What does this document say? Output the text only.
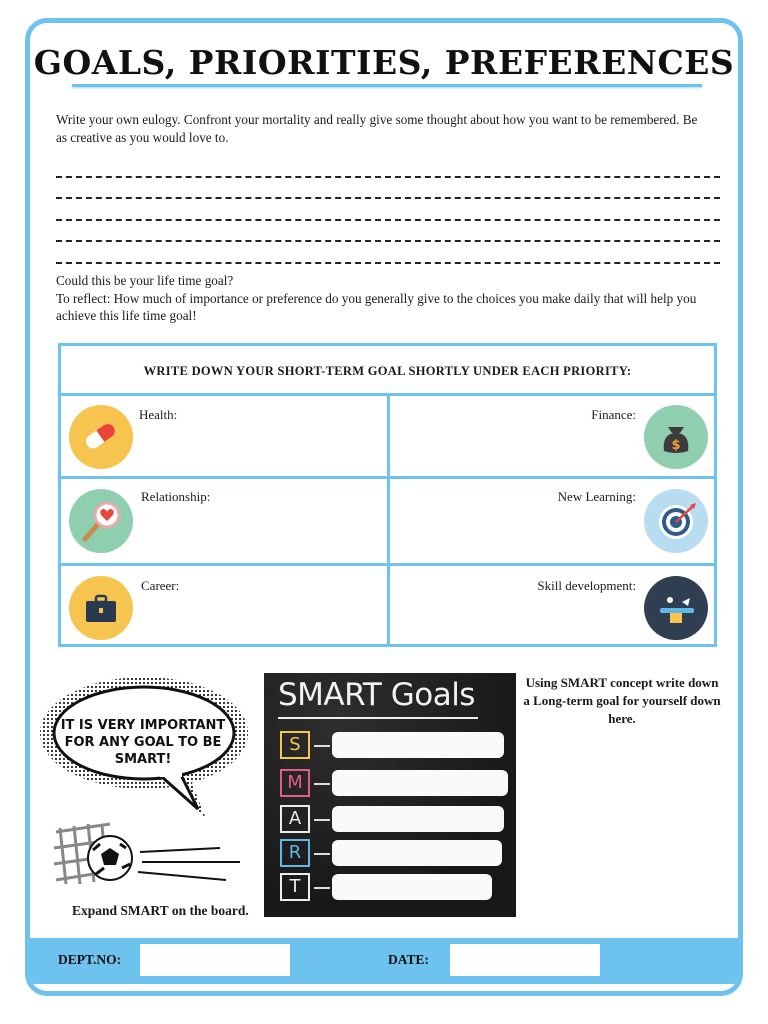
GOALS, PRIORITIES, PREFERENCES
Write your own eulogy. Confront your mortality and really give some thought about how you want to be remembered. Be as creative as you would love to.
Could this be your life time goal?
To reflect: How much of importance or preference do you generally give to the choices you make daily that will help you achieve this life time goal!
WRITE DOWN YOUR SHORT-TERM GOAL SHORTLY UNDER EACH PRIORITY:
Health:	Finance:
$
Relationship:	New Learning:
Career:	Skill development:
IT IS VERY IMPORTANT FOR ANY GOAL TO BE SMART!
Expand SMART on the board.
SMART Goals
S
M
A
R
T
Using SMART concept write down a Long-term goal for yourself down here.
DEPT.NO:	DATE:
